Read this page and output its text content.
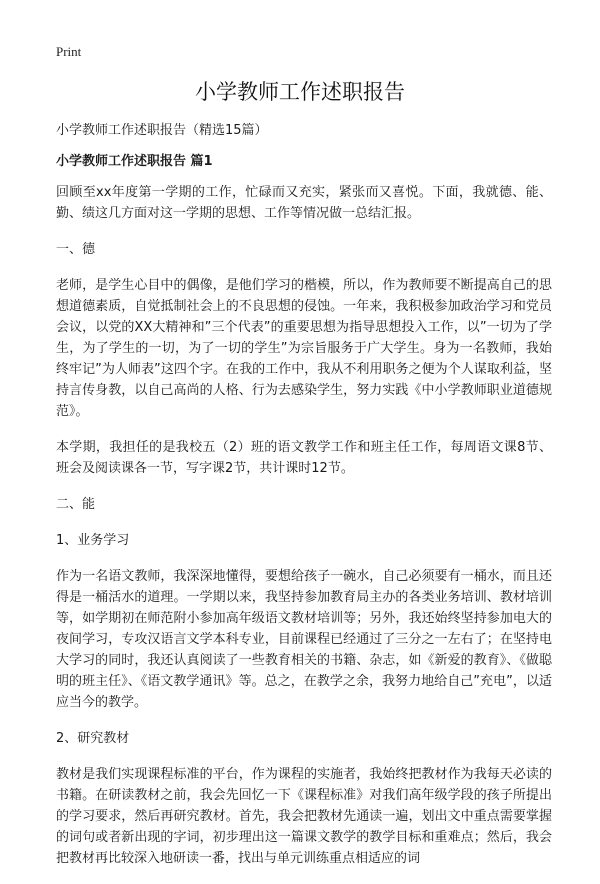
Print
小学教师工作述职报告

小学教师工作述职报告（精选15篇）

小学教师工作述职报告 篇1

回顾至xx年度第一学期的工作，忙碌而又充实，紧张而又喜悦。下面，我就德、能、勤、绩这几方面对这一学期的思想、工作等情况做一总结汇报。

一、德

老师，是学生心目中的偶像，是他们学习的楷模，所以，作为教师要不断提高自己的思想道德素质，自觉抵制社会上的不良思想的侵蚀。一年来，我积极参加政治学习和党员会议，以党的XX大精神和”三个代表”的重要思想为指导思想投入工作，以”一切为了学生，为了学生的一切，为了一切的学生”为宗旨服务于广大学生。身为一名教师，我始终牢记”为人师表”这四个字。在我的工作中，我从不利用职务之便为个人谋取利益，坚持言传身教，以自己高尚的人格、行为去感染学生，努力实践《中小学教师职业道德规范》。

本学期，我担任的是我校五（2）班的语文教学工作和班主任工作，每周语文课8节、班会及阅读课各一节，写字课2节，共计课时12节。

二、能

1、业务学习

作为一名语文教师，我深深地懂得，要想给孩子一碗水，自己必须要有一桶水，而且还得是一桶活水的道理。一学期以来，我坚持参加教育局主办的各类业务培训、教材培训等，如学期初在师范附小参加高年级语文教材培训等；另外，我还始终坚持参加电大的夜间学习，专攻汉语言文学本科专业，目前课程已经通过了三分之一左右了；在坚持电大学习的同时，我还认真阅读了一些教育相关的书籍、杂志，如《新爱的教育》、《做聪明的班主任》、《语文教学通讯》等。总之，在教学之余，我努力地给自己”充电”，以适应当今的教学。

2、研究教材

教材是我们实现课程标准的平台，作为课程的实施者，我始终把教材作为我每天必读的书籍。在研读教材之前，我会先回忆一下《课程标准》对我们高年级学段的孩子所提出的学习要求，然后再研究教材。首先，我会把教材先通读一遍，划出文中重点需要掌握的词句或者新出现的字词，初步理出这一篇课文教学的教学目标和重难点；然后，我会把教材再比较深入地研读一番，找出与单元训练重点相适应的词
